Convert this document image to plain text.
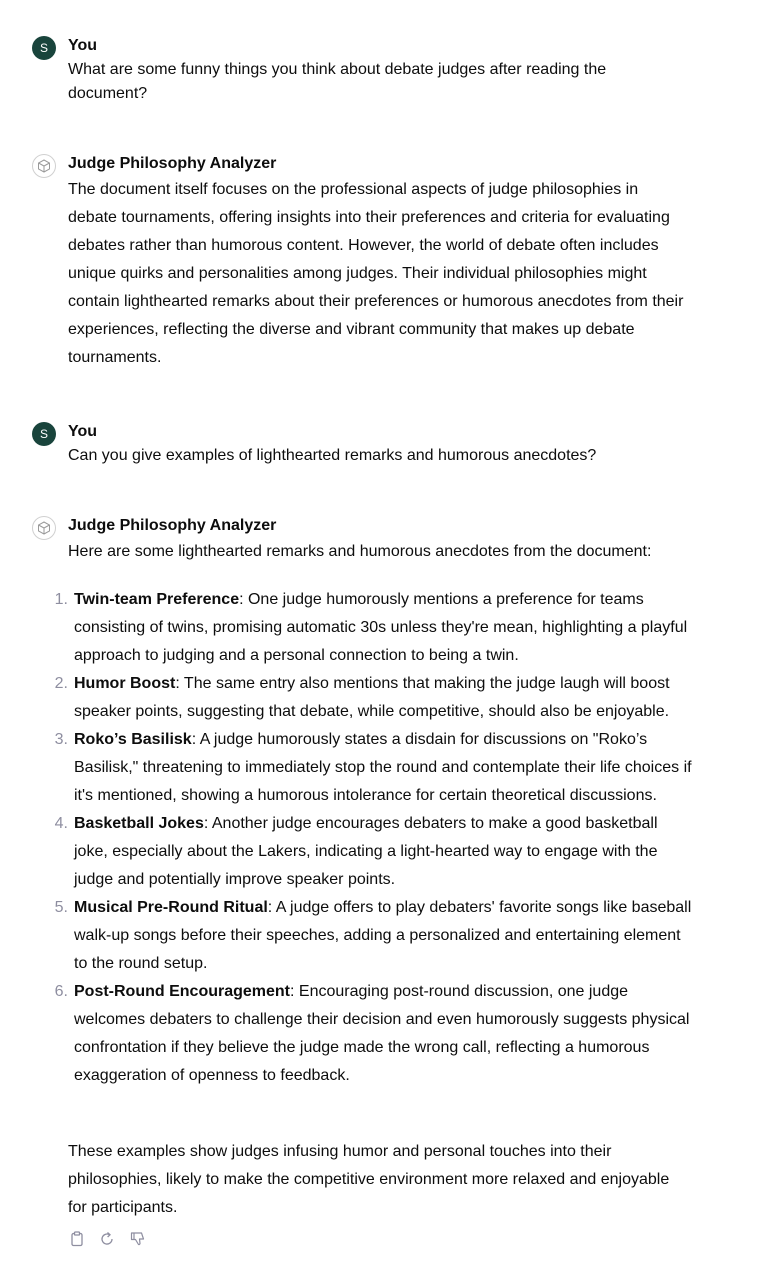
S	You
What are some funny things you think about debate judges after reading the document?
Judge Philosophy Analyzer
The document itself focuses on the professional aspects of judge philosophies in debate tournaments, offering insights into their preferences and criteria for evaluating debates rather than humorous content. However, the world of debate often includes unique quirks and personalities among judges. Their individual philosophies might contain lighthearted remarks about their preferences or humorous anecdotes from their experiences, reflecting the diverse and vibrant community that makes up debate tournaments.
S	You
Can you give examples of lighthearted remarks and humorous anecdotes?
Judge Philosophy Analyzer
Here are some lighthearted remarks and humorous anecdotes from the document:
1. Twin-team Preference: One judge humorously mentions a preference for teams consisting of twins, promising automatic 30s unless they're mean, highlighting a playful approach to judging and a personal connection to being a twin.
2. Humor Boost: The same entry also mentions that making the judge laugh will boost speaker points, suggesting that debate, while competitive, should also be enjoyable.
3. Roko’s Basilisk: A judge humorously states a disdain for discussions on "Roko’s Basilisk," threatening to immediately stop the round and contemplate their life choices if it's mentioned, showing a humorous intolerance for certain theoretical discussions.
4. Basketball Jokes: Another judge encourages debaters to make a good basketball joke, especially about the Lakers, indicating a light-hearted way to engage with the judge and potentially improve speaker points.
5. Musical Pre-Round Ritual: A judge offers to play debaters' favorite songs like baseball walk-up songs before their speeches, adding a personalized and entertaining element to the round setup.
6. Post-Round Encouragement: Encouraging post-round discussion, one judge welcomes debaters to challenge their decision and even humorously suggests physical confrontation if they believe the judge made the wrong call, reflecting a humorous exaggeration of openness to feedback.
These examples show judges infusing humor and personal touches into their philosophies, likely to make the competitive environment more relaxed and enjoyable for participants.
